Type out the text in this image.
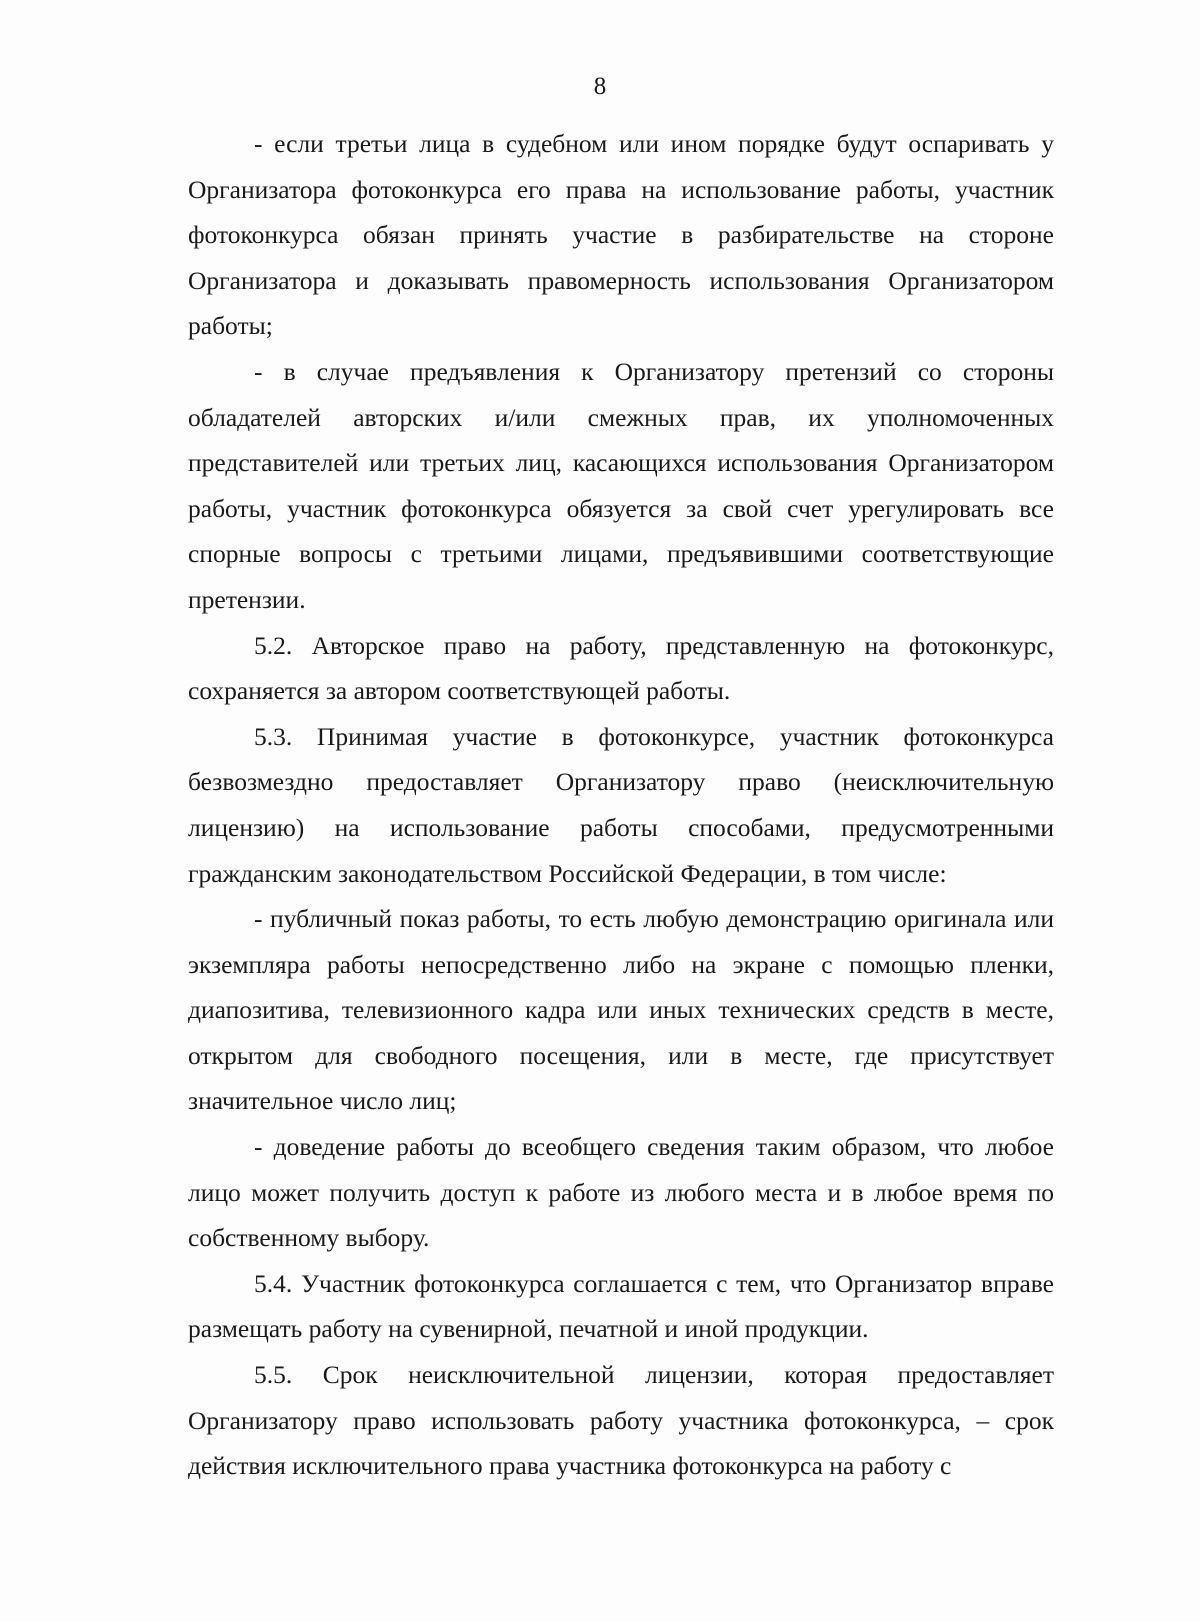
8

- если третьи лица в судебном или ином порядке будут оспаривать у Организатора фотоконкурса его права на использование работы, участник фотоконкурса обязан принять участие в разбирательстве на стороне Организатора и доказывать правомерность использования Организатором работы;

- в случае предъявления к Организатору претензий со стороны обладателей авторских и/или смежных прав, их уполномоченных представителей или третьих лиц, касающихся использования Организатором работы, участник фотоконкурса обязуется за свой счет урегулировать все спорные вопросы с третьими лицами, предъявившими соответствующие претензии.

5.2. Авторское право на работу, представленную на фотоконкурс, сохраняется за автором соответствующей работы.

5.3. Принимая участие в фотоконкурсе, участник фотоконкурса безвозмездно предоставляет Организатору право (неисключительную лицензию) на использование работы способами, предусмотренными гражданским законодательством Российской Федерации, в том числе:

- публичный показ работы, то есть любую демонстрацию оригинала или экземпляра работы непосредственно либо на экране с помощью пленки, диапозитива, телевизионного кадра или иных технических средств в месте, открытом для свободного посещения, или в месте, где присутствует значительное число лиц;

- доведение работы до всеобщего сведения таким образом, что любое лицо может получить доступ к работе из любого места и в любое время по собственному выбору.

5.4. Участник фотоконкурса соглашается с тем, что Организатор вправе размещать работу на сувенирной, печатной и иной продукции.

5.5. Срок неисключительной лицензии, которая предоставляет Организатору право использовать работу участника фотоконкурса, – срок действия исключительного права участника фотоконкурса на работу с
